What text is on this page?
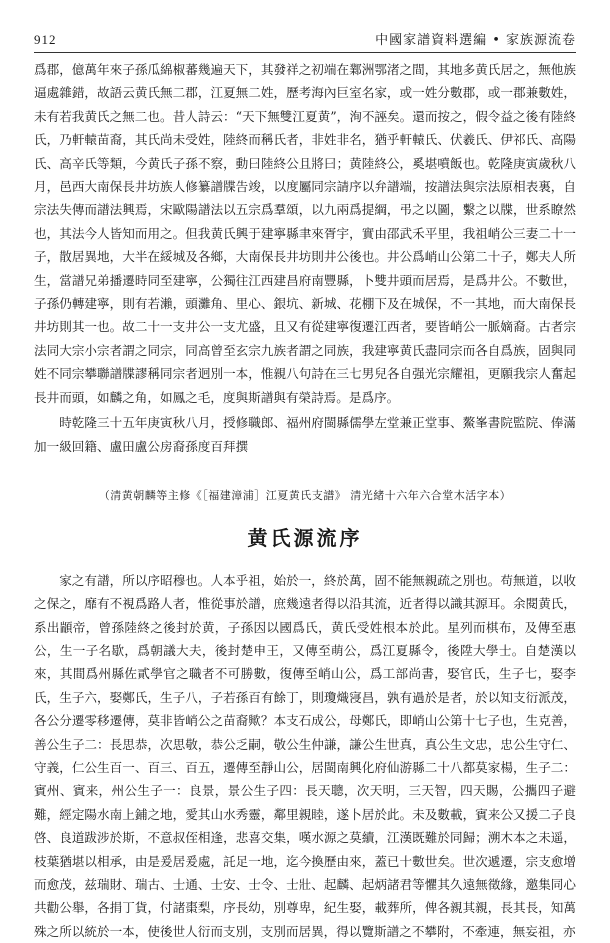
912	中國家譜資料選編 • 家族源流卷

爲郡，億萬年來子孫瓜綿椒蕃幾遍天下，其發祥之初端在鄴洲鄂渚之間，其地多黄氏居之，無他族逼處雜錯，故語云黄氏無二郡，江夏無二姓，歷考海內巨室名家，或一姓分數郡，或一郡兼數姓，未有若我黄氏之無二也。昔人詩云：“天下無雙江夏黄”，洵不誣矣。還而按之，假令益之後有陸終氏，乃軒轅苗裔，其氏尚未受姓，陸終而稱氏者，非姓非名，猶乎軒轅氏、伏羲氏、伊祁氏、高陽氏、高辛氏等類，今黄氏子孫不察，動曰陸終公且將曰；黄陸終公，奚堪噴飯也。乾隆庚寅歲秋八月，邑西大南保長井坊族人修纂譜牒告竣，以度屬同宗請序以弁譜端，按譜法與宗法原相表裏，自宗法失傳而譜法興焉，宋歐陽譜法以五宗爲羣頌，以九兩爲提綱，弔之以圖，繫之以牒，世系瞭然也，其法今人皆知而用之。但我黄氏興于建寧縣聿來胥宇，實由邵武禾平里，我祖峭公三妻二十一子，散居異地，大半在綏城及各鄉，大南保長井坊則井公後也。井公爲峭山公第二十子，鄭夫人所生，當譜兄弟播遷時同至建寧，公獨往江西建昌府南豐縣，卜雙井頭而居焉，是爲井公。不數世，子孫仍轉建寧，則有若瀨，頭灘角、里心、銀坑、新城、花棚下及在城保，不一其地，而大南保長井坊則其一也。故二十一支井公一支尤盛，且又有從建寧復遷江西者，要皆峭公一脈嫡裔。古者宗法同大宗小宗者謂之同宗，同高曾至玄宗九族者謂之同族，我建寧黄氏盡同宗而各自爲族，固與同姓不同宗攀聯譜牒謬稱同宗者迥別一本，惟親八句詩在三七男兒各自强光宗耀祖，更願我宗人奮起長井而頭，如麟之角，如鳳之毛，度與斯譜與有榮詩焉。是爲序。

時乾隆三十五年庚寅秋八月，授修職郎、福州府閩縣儒學左堂兼正堂事、鰲峯書院監院、俸滿加一級回籍、盧田盧公房裔孫度百拜撰

（清黄朝麟等主修《［福建漳浦］江夏黄氏支譜》 清光緒十六年六合堂木活字本）

黄氏源流序

家之有譜，所以序昭穆也。人本乎祖，始於一，終於萬，固不能無親疏之別也。苟無道，以收之保之，靡有不視爲路人者，惟從事於譜，庶幾遠者得以沿其流，近者得以識其源耳。余閱黄氏，系出顓帝，曾孫陸終之後封於黄，子孫因以國爲氏，黄氏受姓根本於此。星列而棋布，及傳至惠公，生一子名歇，爲朝議大夫，後封楚申王，又傳至萌公，爲江夏縣令，後陞大學士。自楚漢以來，其間爲州縣佐貳學官之職者不可勝數，復傳至峭山公，爲工部尚書，娶官氏，生子七，娶李氏，生子六，娶鄭氏，生子八，子若孫百有餘丁，則瓊熾寖昌，孰有過於是者，於以知支衍派茂，各公分遷零移遷傳，莫非皆峭公之苗裔歟？本支石成公，母鄭氏，即峭山公第十七子也，生克善，善公生子二：長思恭，次思敬，恭公乏嗣，敬公生仲謙，謙公生世真，真公生文忠，忠公生守仁、守義，仁公生百一、百三、百五，遷傳至靜山公，居閩南興化府仙游縣二十八都莫家楊，生子二：賓州、賓来，州公生子一：良景，景公生子四：長天聰，次天明，三天智，四天賜，公攜四子避難，經定陽水南上鋪之地，愛其山水秀靈，鄰里親睦，遂卜居於此。未及數載，賓来公又援二子良啓、良道跋涉於斯，不意叔侄相逢，悲喜交集，嘆水源之莫續，江漢既難於同歸；溯木本之未遥，枝葉猶堪以相承，由是爰居爰處，託足一地，迄今換歷由來，蓋已十數世矣。世次遞遷，宗支愈增而愈茂，兹瑞財、瑞古、士通、士安、士令、士壯、起麟、起炳諸君等懼其久遠無徵緣，邀集同心共勸公舉，各捐丁貨，付諸棗梨，序長幼，別尊卑，紀生娶，載葬所，俾各親其親，長其長，知萬殊之所以統於一本，使後世人衍而支別，支別而居異，得以覽斯譜之不攀附，不牽連，無妄祖，亦
